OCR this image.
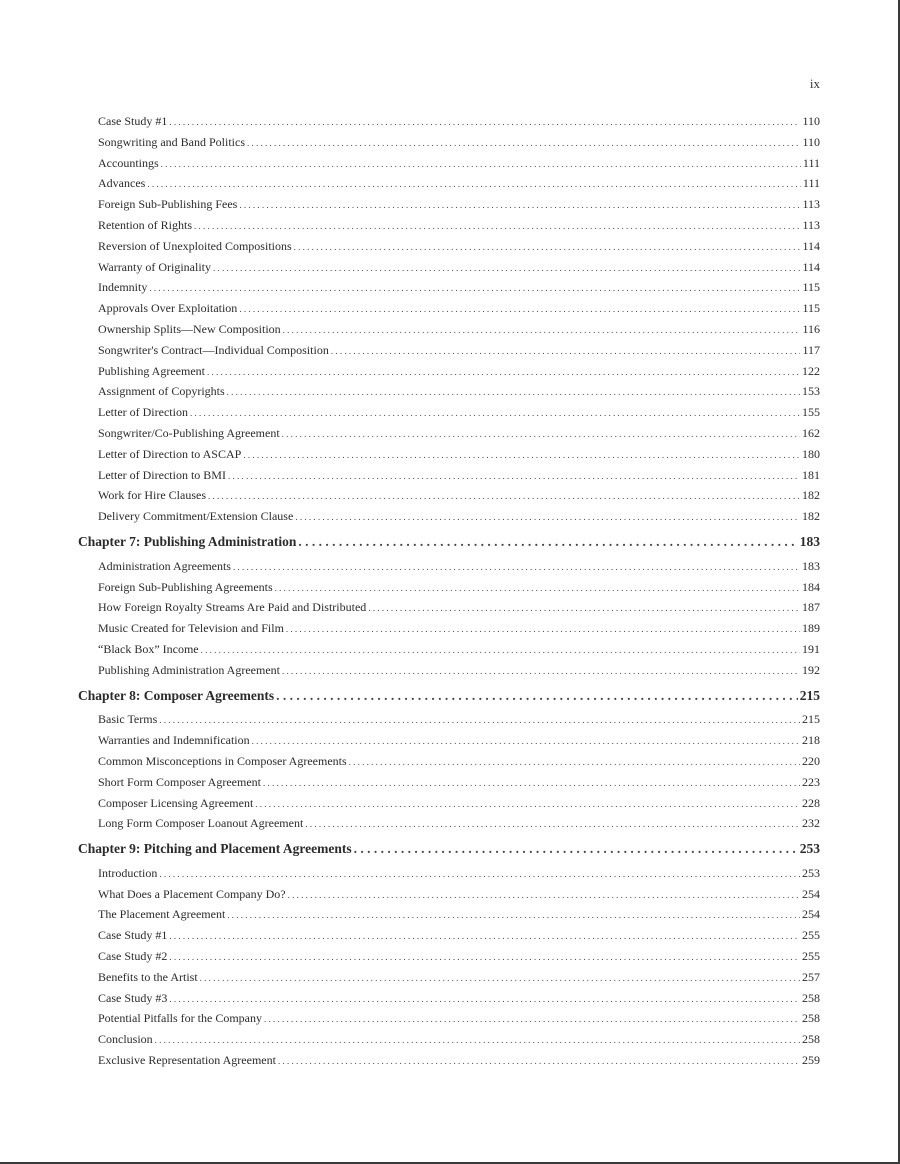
ix
Case Study #1 . . .	110
Songwriting and Band Politics . . .	110
Accountings . . .	111
Advances . . .	111
Foreign Sub-Publishing Fees . . .	113
Retention of Rights . . .	113
Reversion of Unexploited Compositions . . .	114
Warranty of Originality . . .	114
Indemnity . . .	115
Approvals Over Exploitation . . .	115
Ownership Splits—New Composition . . .	116
Songwriter's Contract—Individual Composition . . .	117
Publishing Agreement . . .	122
Assignment of Copyrights . . .	153
Letter of Direction . . .	155
Songwriter/Co-Publishing Agreement . . .	162
Letter of Direction to ASCAP . . .	180
Letter of Direction to BMI . . .	181
Work for Hire Clauses . . .	182
Delivery Commitment/Extension Clause . . .	182
Chapter 7: Publishing Administration . . .	183
Administration Agreements . . .	183
Foreign Sub-Publishing Agreements . . .	184
How Foreign Royalty Streams Are Paid and Distributed . . .	187
Music Created for Television and Film . . .	189
“Black Box” Income . . .	191
Publishing Administration Agreement . . .	192
Chapter 8: Composer Agreements . . .	215
Basic Terms . . .	215
Warranties and Indemnification . . .	218
Common Misconceptions in Composer Agreements . . .	220
Short Form Composer Agreement . . .	223
Composer Licensing Agreement . . .	228
Long Form Composer Loanout Agreement . . .	232
Chapter 9: Pitching and Placement Agreements . . .	253
Introduction . . .	253
What Does a Placement Company Do? . . .	254
The Placement Agreement . . .	254
Case Study #1 . . .	255
Case Study #2 . . .	255
Benefits to the Artist . . .	257
Case Study #3 . . .	258
Potential Pitfalls for the Company . . .	258
Conclusion . . .	258
Exclusive Representation Agreement . . .	259
